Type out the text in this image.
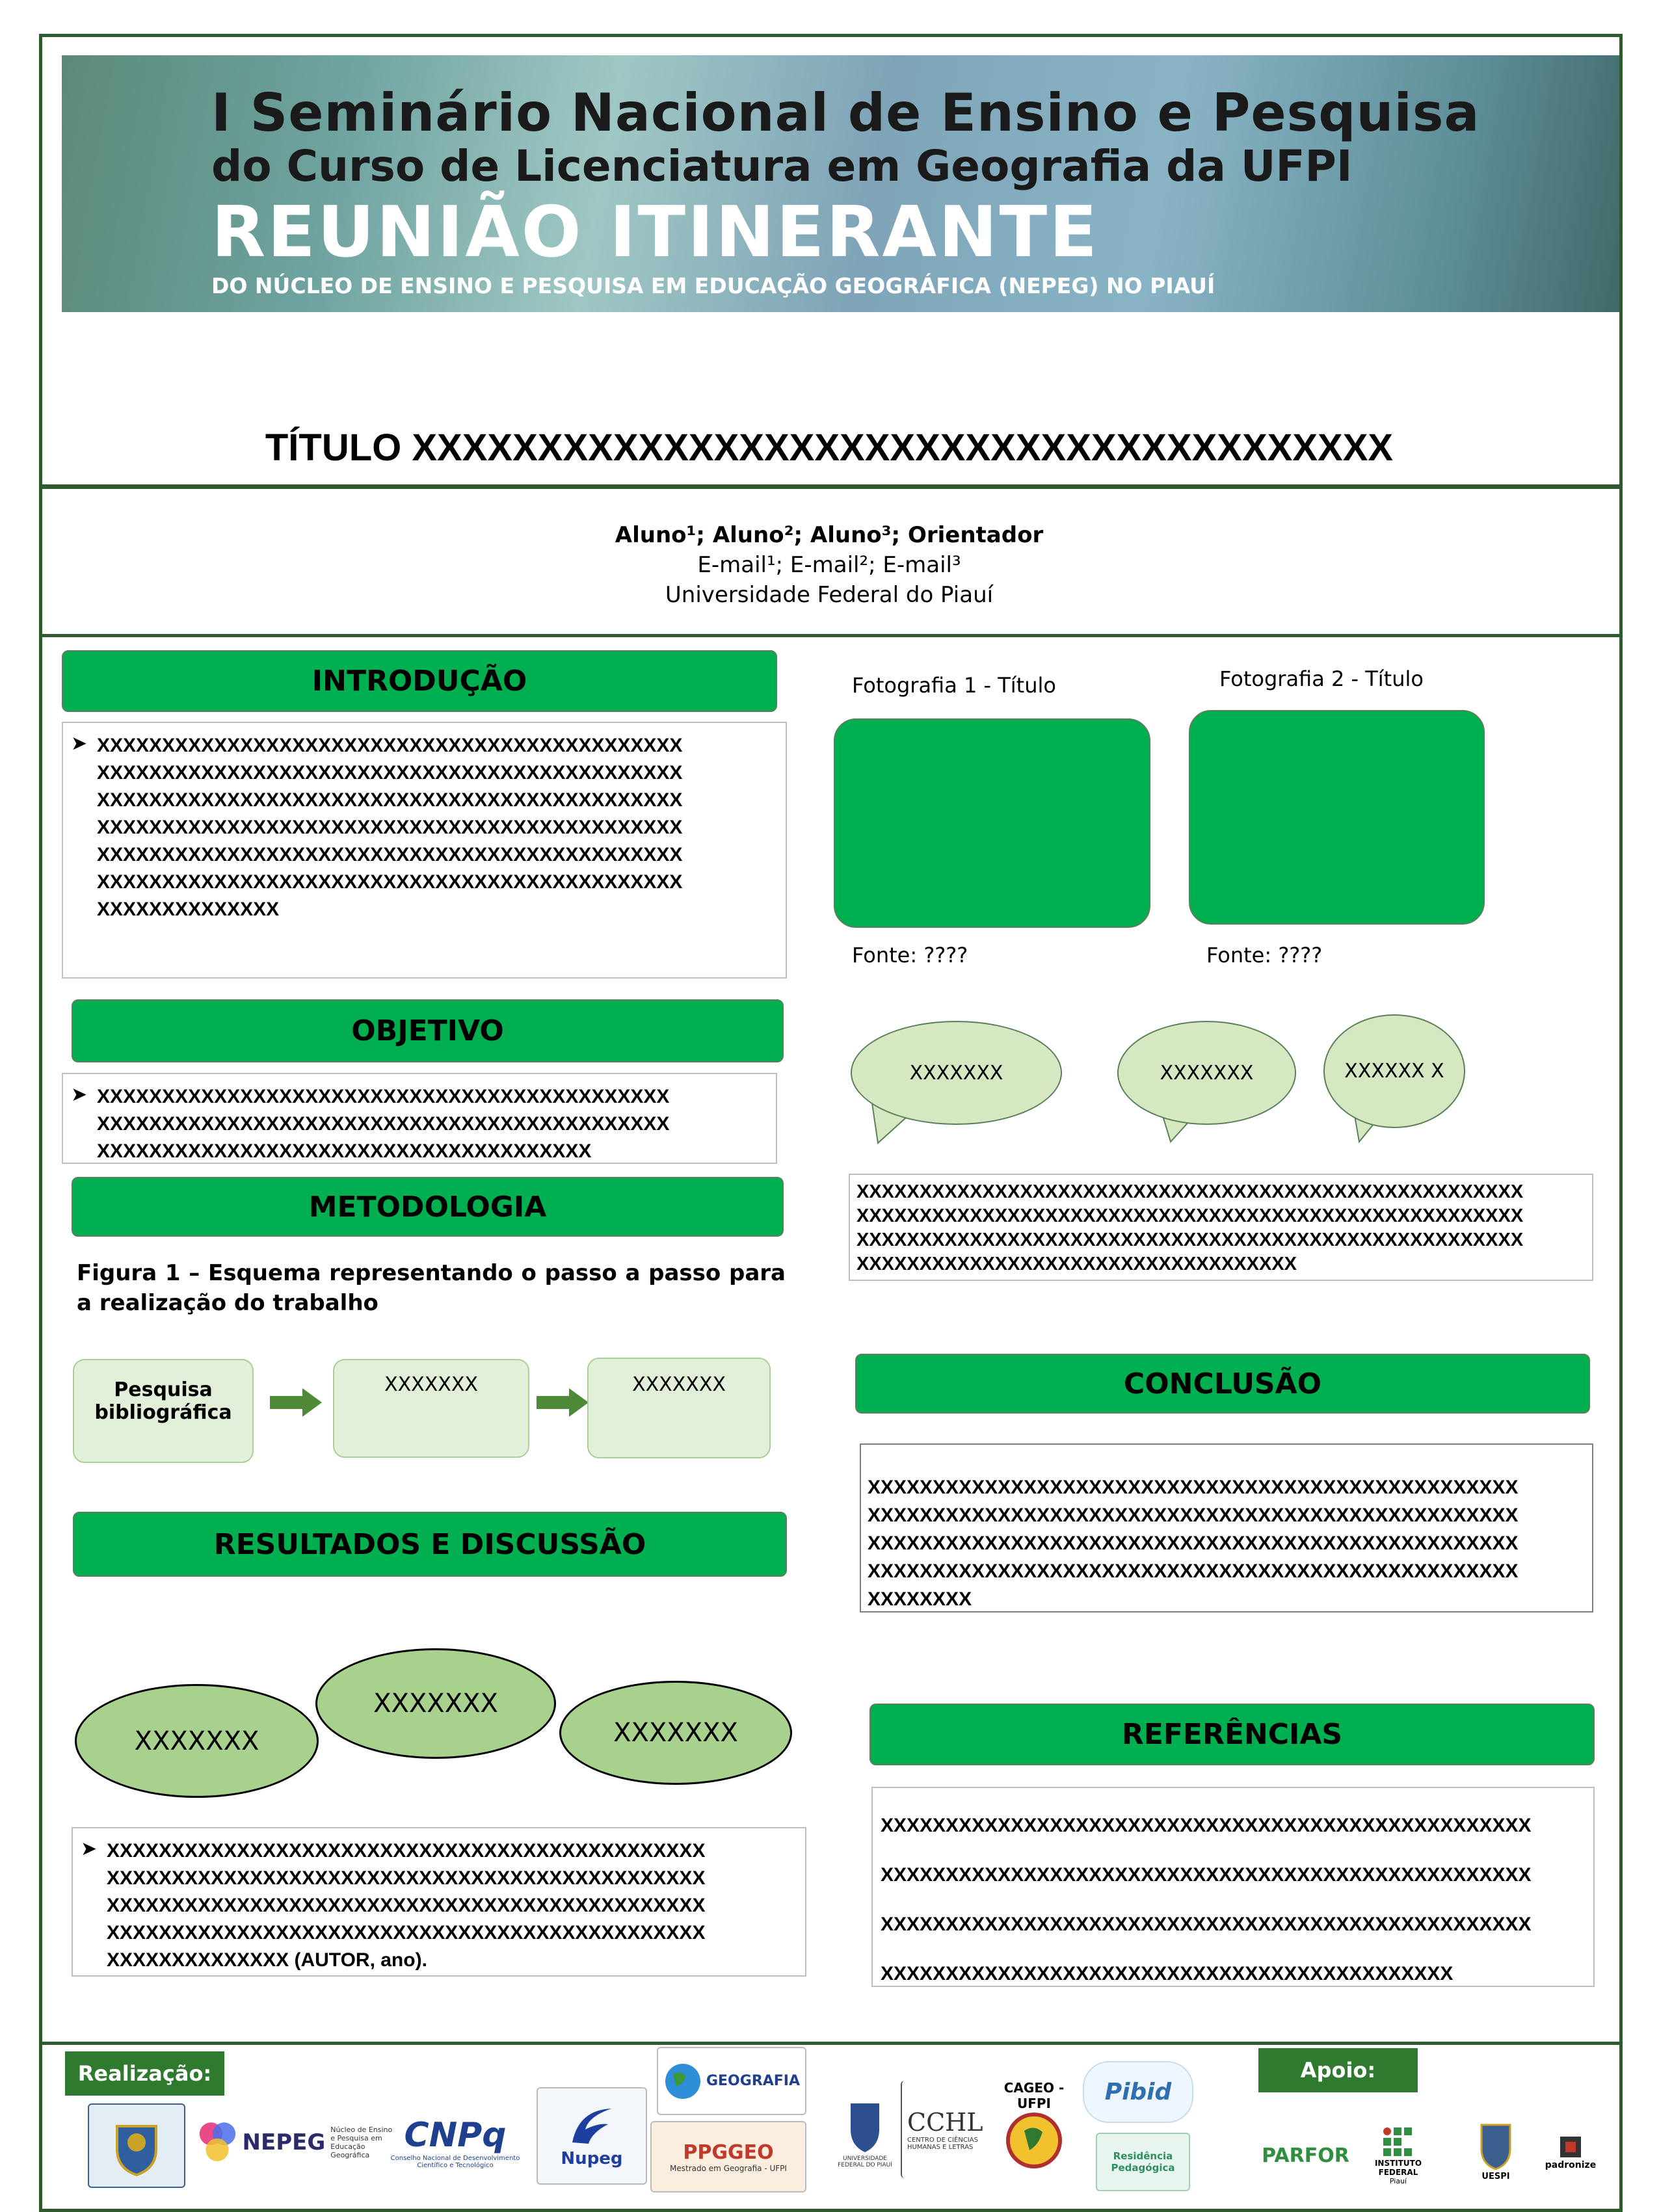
I Seminário Nacional de Ensino e Pesquisa
do Curso de Licenciatura em Geografia da UFPI
REUNIÃO ITINERANTE
DO NÚCLEO DE ENSINO E PESQUISA EM EDUCAÇÃO GEOGRÁFICA (NEPEG) NO PIAUÍ
TÍTULO XXXXXXXXXXXXXXXXXXXXXXXXXXXXXXXXXXXXXXX
Aluno¹; Aluno²; Aluno³; Orientador
E-mail¹; E-mail²; E-mail³
Universidade Federal do Piauí
INTRODUÇÃO
➤ XXXXXXXXXXXXXXXXXXXXXXXXXXXXXXXXXXXXXXXXXXXXX
XXXXXXXXXXXXXXXXXXXXXXXXXXXXXXXXXXXXXXXXXXXXX
XXXXXXXXXXXXXXXXXXXXXXXXXXXXXXXXXXXXXXXXXXXXX
XXXXXXXXXXXXXXXXXXXXXXXXXXXXXXXXXXXXXXXXXXXXX
XXXXXXXXXXXXXXXXXXXXXXXXXXXXXXXXXXXXXXXXXXXXX
XXXXXXXXXXXXXXXXXXXXXXXXXXXXXXXXXXXXXXXXXXXXX
XXXXXXXXXXXXXX
OBJETIVO
➤ XXXXXXXXXXXXXXXXXXXXXXXXXXXXXXXXXXXXXXXXXXXX
XXXXXXXXXXXXXXXXXXXXXXXXXXXXXXXXXXXXXXXXXXXX
XXXXXXXXXXXXXXXXXXXXXXXXXXXXXXXXXXXXXX
METODOLOGIA
Figura 1 – Esquema representando o passo a passo para a realização do trabalho
Pesquisa bibliográfica
XXXXXXX	XXXXXXX
RESULTADOS E DISCUSSÃO
XXXXXXX
XXXXXXX
XXXXXXX
➤ XXXXXXXXXXXXXXXXXXXXXXXXXXXXXXXXXXXXXXXXXXXXXX
XXXXXXXXXXXXXXXXXXXXXXXXXXXXXXXXXXXXXXXXXXXXXX
XXXXXXXXXXXXXXXXXXXXXXXXXXXXXXXXXXXXXXXXXXXXXX
XXXXXXXXXXXXXXXXXXXXXXXXXXXXXXXXXXXXXXXXXXXXXX
XXXXXXXXXXXXXX (AUTOR, ano).
Fotografia 1 - Título	Fotografia 2 - Título
Fonte: ????	Fonte: ????
XXXXXXX	XXXXXXX	XXXXXX X
XXXXXXXXXXXXXXXXXXXXXXXXXXXXXXXXXXXXXXXXXXXXXXXXXXXXX
XXXXXXXXXXXXXXXXXXXXXXXXXXXXXXXXXXXXXXXXXXXXXXXXXXXXX
XXXXXXXXXXXXXXXXXXXXXXXXXXXXXXXXXXXXXXXXXXXXXXXXXXXXX
XXXXXXXXXXXXXXXXXXXXXXXXXXXXXXXXXXX
CONCLUSÃO
XXXXXXXXXXXXXXXXXXXXXXXXXXXXXXXXXXXXXXXXXXXXXXXXXX
XXXXXXXXXXXXXXXXXXXXXXXXXXXXXXXXXXXXXXXXXXXXXXXXXX
XXXXXXXXXXXXXXXXXXXXXXXXXXXXXXXXXXXXXXXXXXXXXXXXXX
XXXXXXXXXXXXXXXXXXXXXXXXXXXXXXXXXXXXXXXXXXXXXXXXXX
XXXXXXXX
REFERÊNCIAS
XXXXXXXXXXXXXXXXXXXXXXXXXXXXXXXXXXXXXXXXXXXXXXXXXX
XXXXXXXXXXXXXXXXXXXXXXXXXXXXXXXXXXXXXXXXXXXXXXXXXX
XXXXXXXXXXXXXXXXXXXXXXXXXXXXXXXXXXXXXXXXXXXXXXXXXX
XXXXXXXXXXXXXXXXXXXXXXXXXXXXXXXXXXXXXXXXXXXX
Realização:	Apoio:
NEPEG Núcleo de Ensino e Pesquisa em Educação Geográfica
CNPq
Conselho Nacional de Desenvolvimento Científico e Tecnológico	Nupeg
GEOGRAFIA
PPGGEO
Mestrado em Geografia - UFPI
UNIVERSIDADE FEDERAL DO PIAUÍ
CCHL
CENTRO DE CIÊNCIAS HUMANAS E LETRAS
CAGEO - UFPI	Pibid
Residência Pedagógica
PARFOR	INSTITUTO FEDERAL
Piauí	UESPI
padronize
